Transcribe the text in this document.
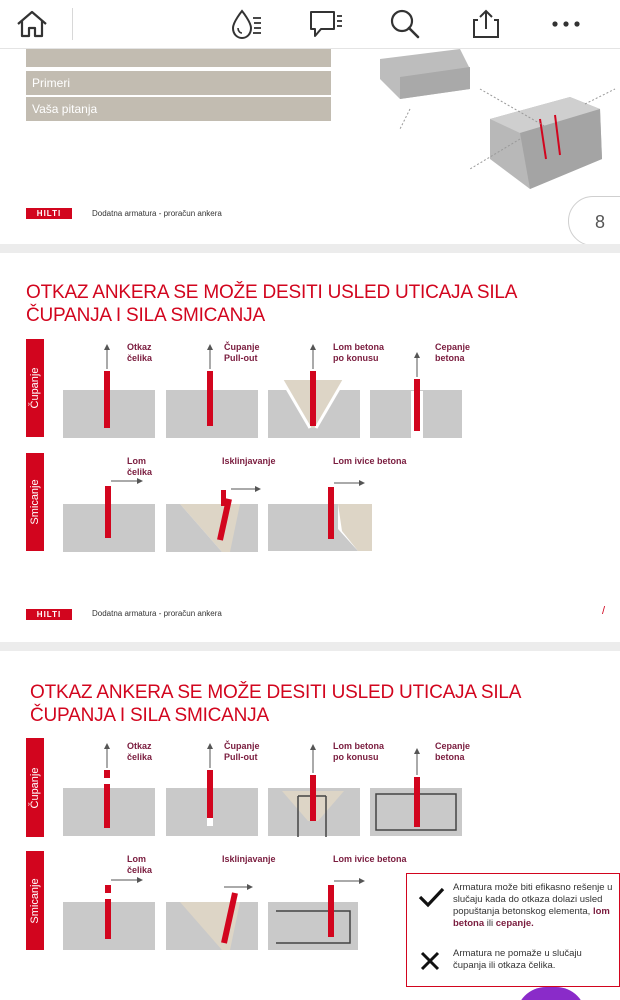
Primeri
Vaša pitanja
HILTI	Dodatna armatura - proračun ankera	8
OTKAZ ANKERA SE MOŽE DESITI USLED UTICAJA SILA
ČUPANJA I SILA SMICANJA
Čupanje
Smicanje
Otkaz
čelika
Čupanje
Pull-out
Lom betona
po konusu
Cepanje
betona
Lom
čelika
Isklinjavanje	Lom ivice betona
HILTI	Dodatna armatura - proračun ankera	/
OTKAZ ANKERA SE MOŽE DESITI USLED UTICAJA SILA
ČUPANJA I SILA SMICANJA
Čupanje
Smicanje
Otkaz
čelika
Čupanje
Pull-out
Lom betona
po konusu
Cepanje
betona
Lom
čelika
Isklinjavanje	Lom ivice betona
Armatura može biti efikasno rešenje u slučaju kada do otkaza dolazi usled popuštanja betonskog elementa, lom betona ili cepanje.
Armatura ne pomaže u slučaju čupanja ili otkaza čelika.
